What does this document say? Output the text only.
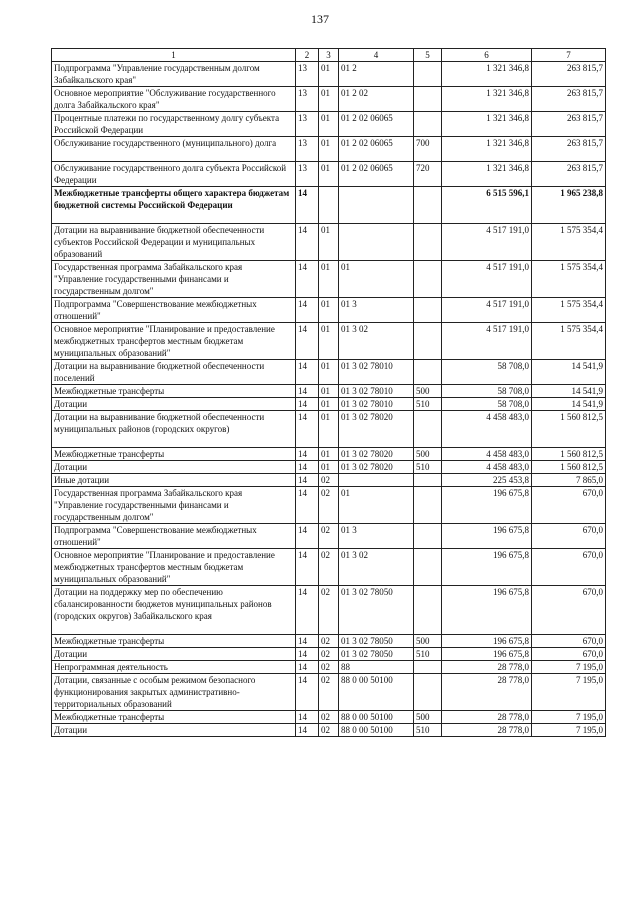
137
1	2	3	4	5	6	7
Подпрограмма "Управление государственным долгом Забайкальского края"	13	01	01 2		1 321 346,8	263 815,7
Основное мероприятие "Обслуживание государственного долга Забайкальского края"	13	01	01 2 02		1 321 346,8	263 815,7
Процентные платежи по государственному долгу субъекта Российской Федерации	13	01	01 2 02 06065		1 321 346,8	263 815,7
Обслуживание государственного (муниципального) долга	13	01	01 2 02 06065	700	1 321 346,8	263 815,7
Обслуживание государственного долга субъекта Российской Федерации	13	01	01 2 02 06065	720	1 321 346,8	263 815,7
Межбюджетные трансферты общего характера бюджетам бюджетной системы Российской Федерации	14				6 515 596,1	1 965 238,8
Дотации на выравнивание бюджетной обеспеченности субъектов Российской Федерации и муниципальных образований	14	01			4 517 191,0	1 575 354,4
Государственная программа Забайкальского края "Управление государственными финансами и государственным долгом"	14	01	01		4 517 191,0	1 575 354,4
Подпрограмма "Совершенствование межбюджетных отношений"	14	01	01 3		4 517 191,0	1 575 354,4
Основное мероприятие "Планирование и предоставление межбюджетных трансфертов местным бюджетам муниципальных образований"	14	01	01 3 02		4 517 191,0	1 575 354,4
Дотации на выравнивание бюджетной обеспеченности поселений	14	01	01 3 02 78010		58 708,0	14 541,9
Межбюджетные трансферты	14	01	01 3 02 78010	500	58 708,0	14 541,9
Дотации	14	01	01 3 02 78010	510	58 708,0	14 541,9
Дотации на выравнивание бюджетной обеспеченности муниципальных районов (городских округов)	14	01	01 3 02 78020		4 458 483,0	1 560 812,5
Межбюджетные трансферты	14	01	01 3 02 78020	500	4 458 483,0	1 560 812,5
Дотации	14	01	01 3 02 78020	510	4 458 483,0	1 560 812,5
Иные дотации	14	02			225 453,8	7 865,0
Государственная программа Забайкальского края "Управление государственными финансами и государственным долгом"	14	02	01		196 675,8	670,0
Подпрограмма "Совершенствование межбюджетных отношений"	14	02	01 3		196 675,8	670,0
Основное мероприятие "Планирование и предоставление межбюджетных трансфертов местным бюджетам муниципальных образований"	14	02	01 3 02		196 675,8	670,0
Дотации на поддержку мер по обеспечению сбалансированности бюджетов муниципальных районов (городских округов) Забайкальского края	14	02	01 3 02 78050		196 675,8	670,0
Межбюджетные трансферты	14	02	01 3 02 78050	500	196 675,8	670,0
Дотации	14	02	01 3 02 78050	510	196 675,8	670,0
Непрограммная деятельность	14	02	88		28 778,0	7 195,0
Дотации, связанные с особым режимом безопасного функционирования закрытых административно-территориальных образований	14	02	88 0 00 50100		28 778,0	7 195,0
Межбюджетные трансферты	14	02	88 0 00 50100	500	28 778,0	7 195,0
Дотации	14	02	88 0 00 50100	510	28 778,0	7 195,0
